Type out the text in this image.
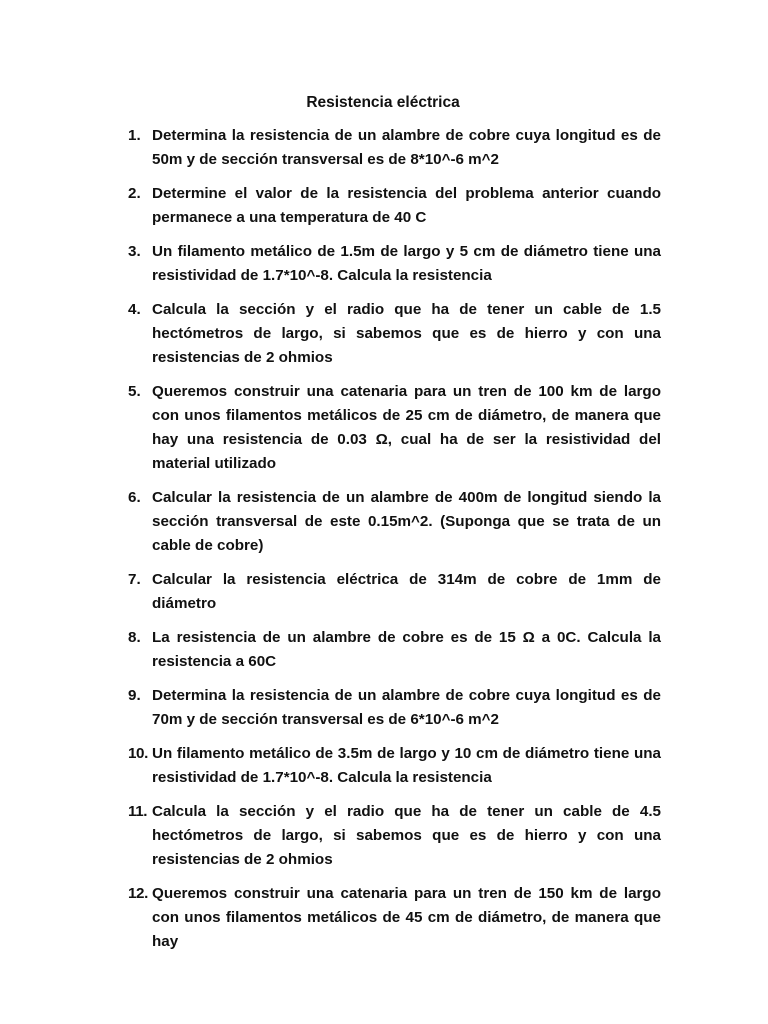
Resistencia eléctrica
1. Determina la resistencia de un alambre de cobre cuya longitud es de 50m y de sección transversal es de 8*10^-6 m^2
2. Determine el valor de la resistencia del problema anterior cuando permanece a una temperatura de 40 C
3. Un filamento metálico de 1.5m de largo y 5 cm de diámetro tiene una resistividad de 1.7*10^-8. Calcula la resistencia
4. Calcula la sección y el radio que ha de tener un cable de 1.5 hectómetros de largo, si sabemos que es de hierro y con una resistencias de 2 ohmios
5. Queremos construir una catenaria para un tren de 100 km de largo con unos filamentos metálicos de 25 cm de diámetro, de manera que hay una resistencia de 0.03 Ω, cual ha de ser la resistividad del material utilizado
6. Calcular la resistencia de un alambre de 400m de longitud siendo la sección transversal de este 0.15m^2. (Suponga que se trata de un cable de cobre)
7. Calcular la resistencia eléctrica de 314m de cobre de 1mm de diámetro
8. La resistencia de un alambre de cobre es de 15 Ω a 0C. Calcula la resistencia a 60C
9. Determina la resistencia de un alambre de cobre cuya longitud es de 70m y de sección transversal es de 6*10^-6 m^2
10. Un filamento metálico de 3.5m de largo y 10 cm de diámetro tiene una resistividad de 1.7*10^-8. Calcula la resistencia
11. Calcula la sección y el radio que ha de tener un cable de 4.5 hectómetros de largo, si sabemos que es de hierro y con una resistencias de 2 ohmios
12. Queremos construir una catenaria para un tren de 150 km de largo con unos filamentos metálicos de 45 cm de diámetro, de manera que hay
